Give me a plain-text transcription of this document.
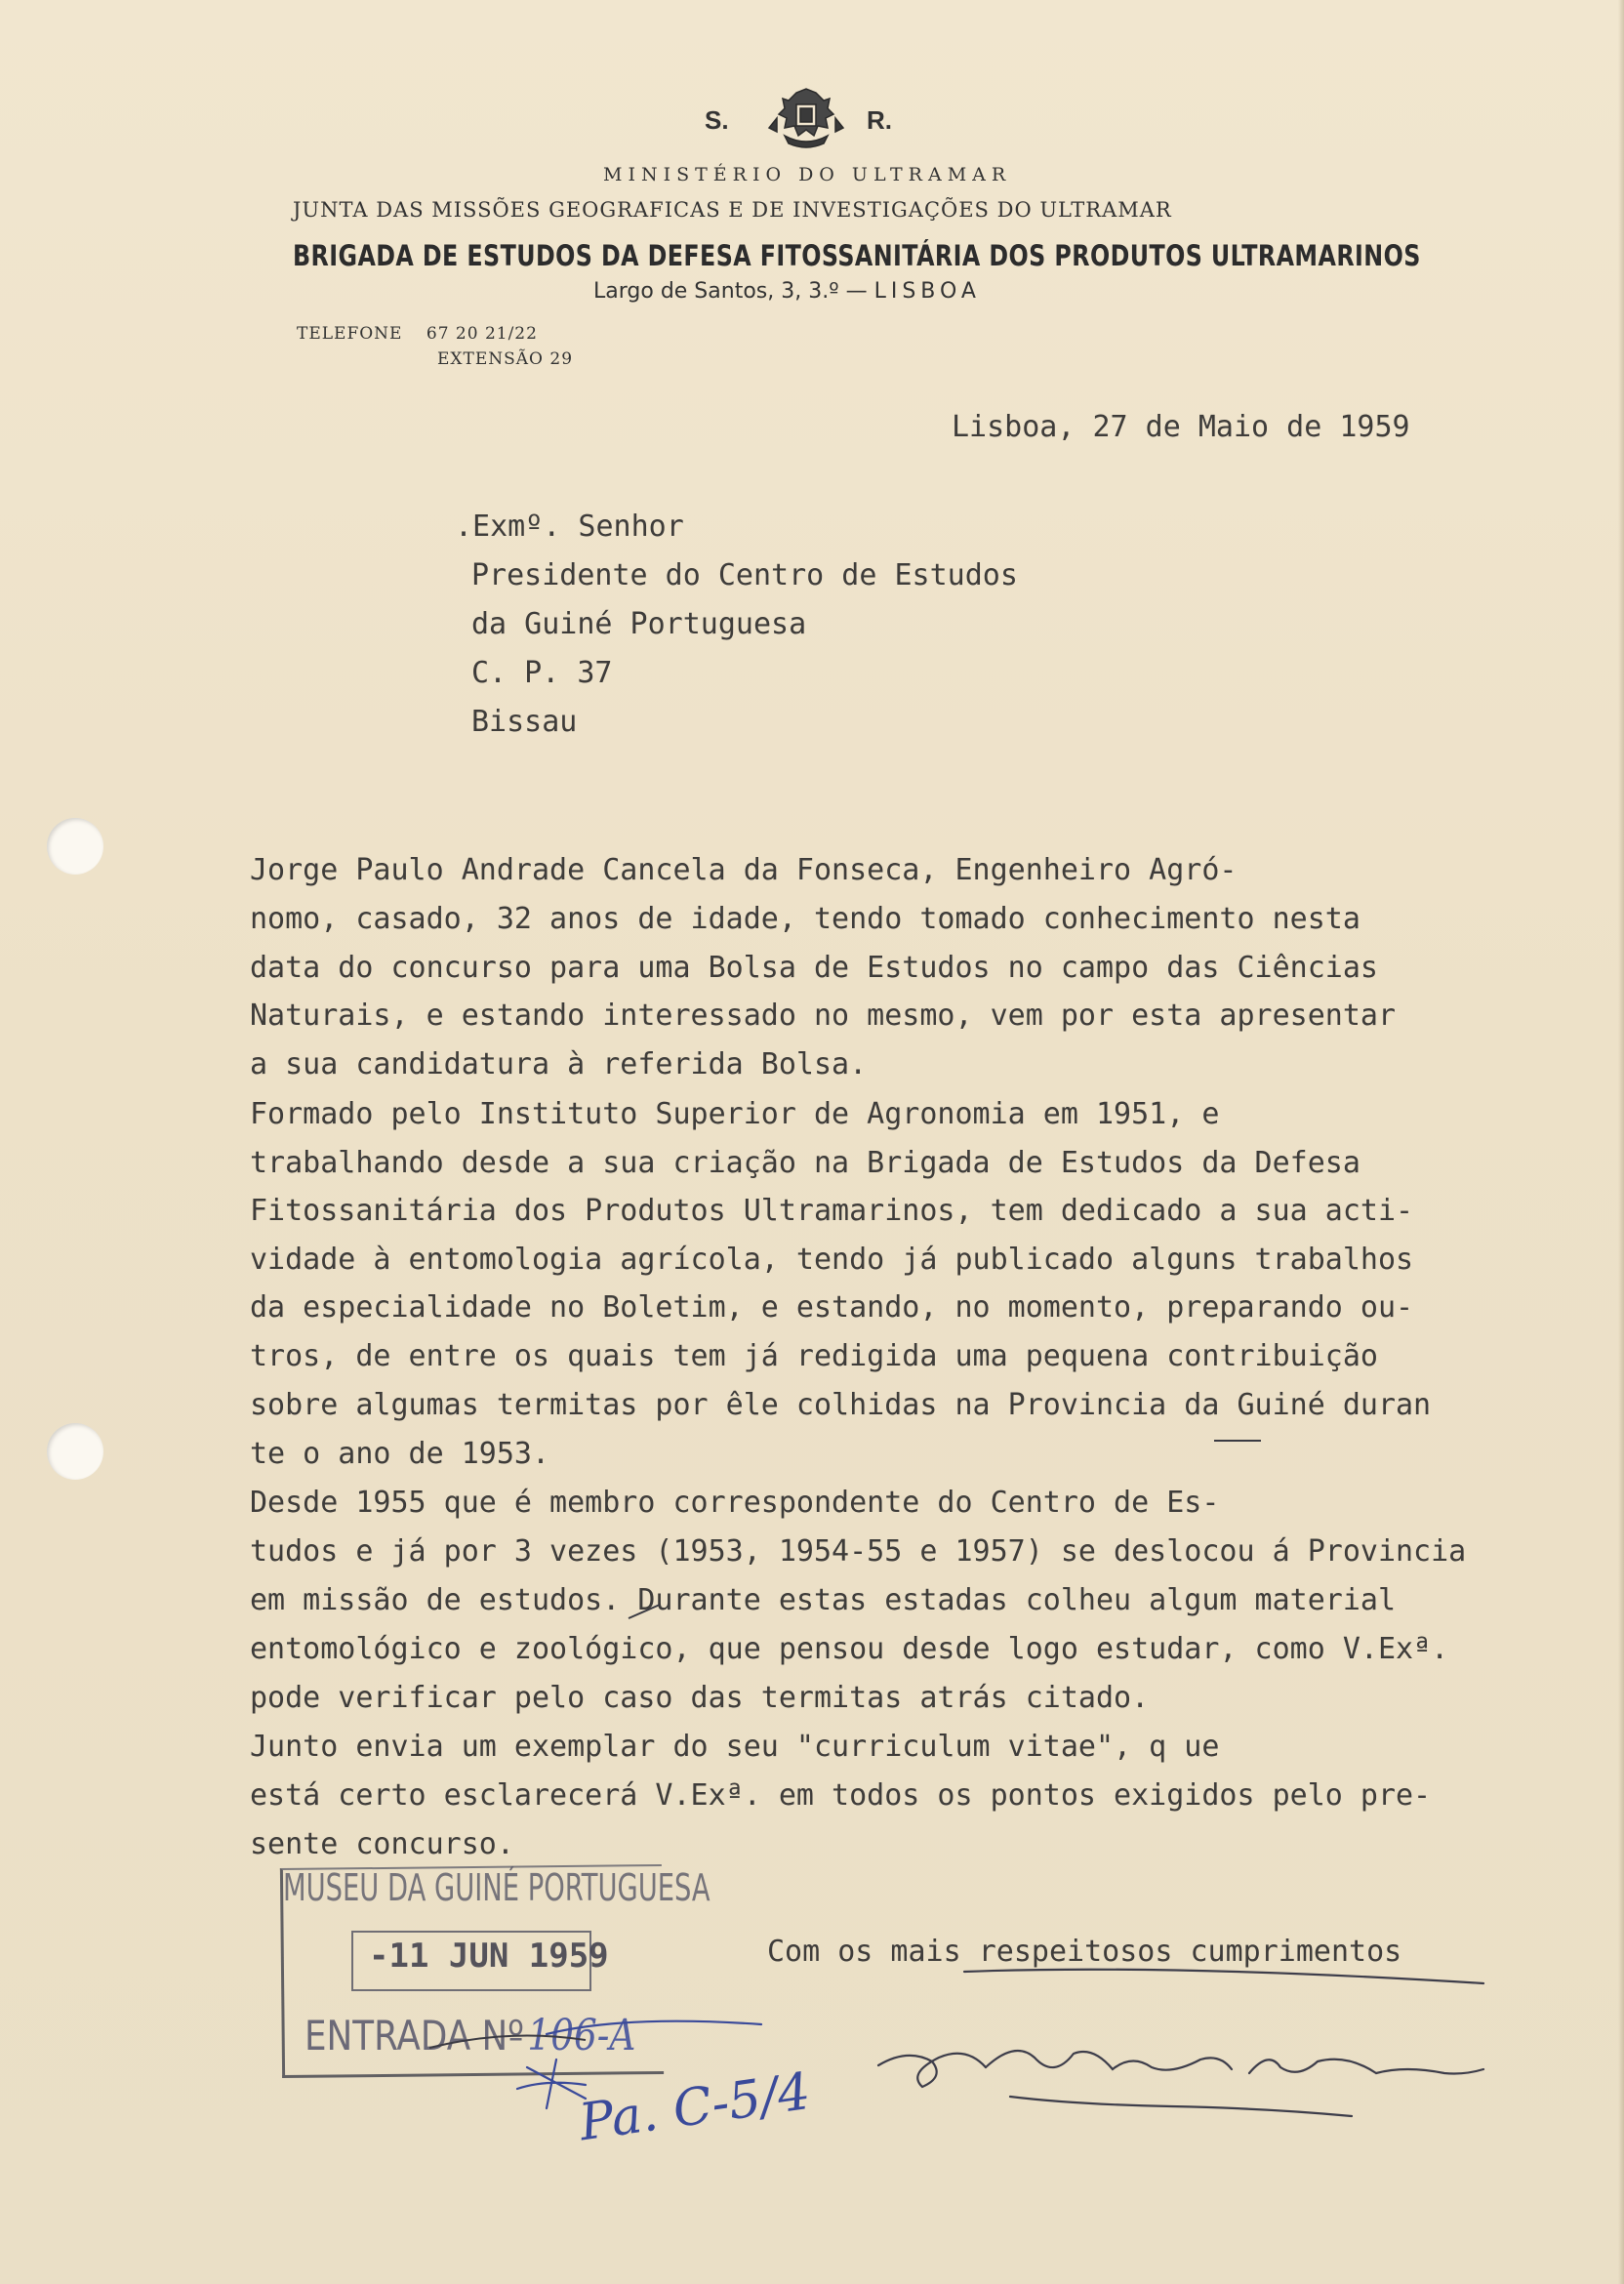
S.	R.
MINISTÉRIO DO ULTRAMAR
JUNTA DAS MISSÕES GEOGRAFICAS E DE INVESTIGAÇÕES DO ULTRAMAR
BRIGADA DE ESTUDOS DA DEFESA FITOSSANITÁRIA DOS PRODUTOS ULTRAMARINOS
Largo de Santos, 3, 3.º — LISBOA
TELEFONE 67 20 21/22
EXTENSÃO 29
Lisboa, 27 de Maio de 1959
.Exmº. Senhor
Presidente do Centro de Estudos
da Guiné Portuguesa
C. P. 37
Bissau
Jorge Paulo Andrade Cancela da Fonseca, Engenheiro Agró-
nomo, casado, 32 anos de idade, tendo tomado conhecimento nesta
data do concurso para uma Bolsa de Estudos no campo das Ciências
Naturais, e estando interessado no mesmo, vem por esta apresentar
a sua candidatura à referida Bolsa.
Formado pelo Instituto Superior de Agronomia em 1951, e
trabalhando desde a sua criação na Brigada de Estudos da Defesa
Fitossanitária dos Produtos Ultramarinos, tem dedicado a sua acti-
vidade à entomologia agrícola, tendo já publicado alguns trabalhos
da especialidade no Boletim, e estando, no momento, preparando ou-
tros, de entre os quais tem já redigida uma pequena contribuição
sobre algumas termitas por êle colhidas na Provincia da Guiné duran
te o ano de 1953.
Desde 1955 que é membro correspondente do Centro de Es-
tudos e já por 3 vezes (1953, 1954-55 e 1957) se deslocou á Provincia
em missão de estudos. Durante estas estadas colheu algum material
entomológico e zoológico, que pensou desde logo estudar, como V.Exª.
pode verificar pelo caso das termitas atrás citado.
Junto envia um exemplar do seu "curriculum vitae", q ue
está certo esclarecerá V.Exª. em todos os pontos exigidos pelo pre-
sente concurso.
Com os mais respeitosos cumprimentos
MUSEU DA GUINÉ PORTUGUESA
-11 JUN 1959
ENTRADA Nº106-A
Pa. C-5/4
